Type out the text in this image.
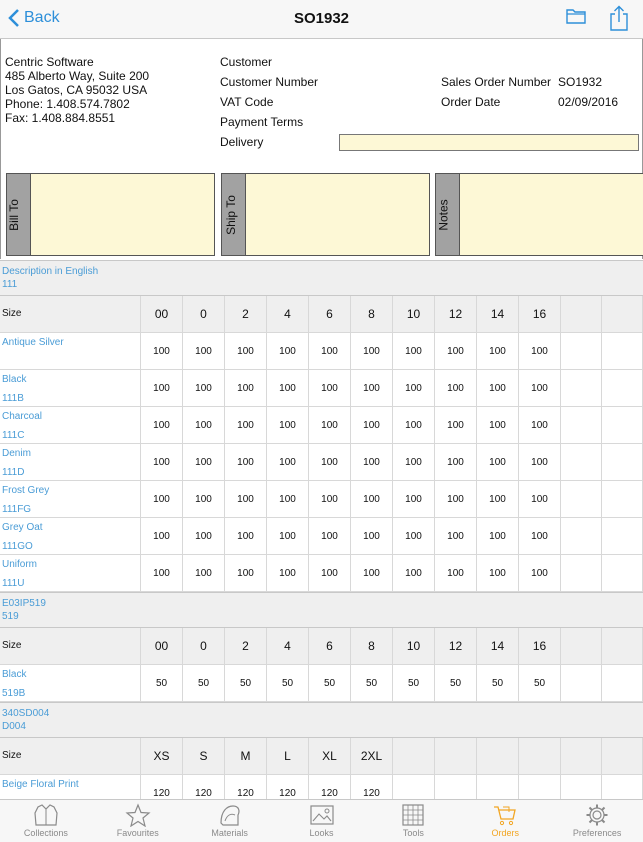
Back	SO1932
Centric Software
485 Alberto Way, Suite 200
Los Gatos, CA 95032 USA
Phone: 1.408.574.7802
Fax: 1.408.884.8551
Customer
Customer Number
VAT Code
Payment Terms
Delivery
Sales Order Number SO1932
Order Date	02/09/2016
Bill To	Ship To	Notes
Description in English
111
Size	00	0	2	4	6	8	10	12	14	16
Antique Silver
100	100	100	100	100	100	100	100	100	100
Black
111B
100	100	100	100	100	100	100	100	100	100
Charcoal
111C
100	100	100	100	100	100	100	100	100	100
Denim
111D
100	100	100	100	100	100	100	100	100	100
Frost Grey
111FG
100	100	100	100	100	100	100	100	100	100
Grey Oat
111GO
100	100	100	100	100	100	100	100	100	100
Uniform
111U
100	100	100	100	100	100	100	100	100	100
E03IP519
519
Size	00	0	2	4	6	8	10	12	14	16
Black
519B
50	50	50	50	50	50	50	50	50	50
340SD004
D004
Size	XS	S	M	L	XL	2XL
Beige Floral Print
120	120	120	120	120	120
Collections	Favourites	Materials	Looks	Tools	Orders	Preferences
